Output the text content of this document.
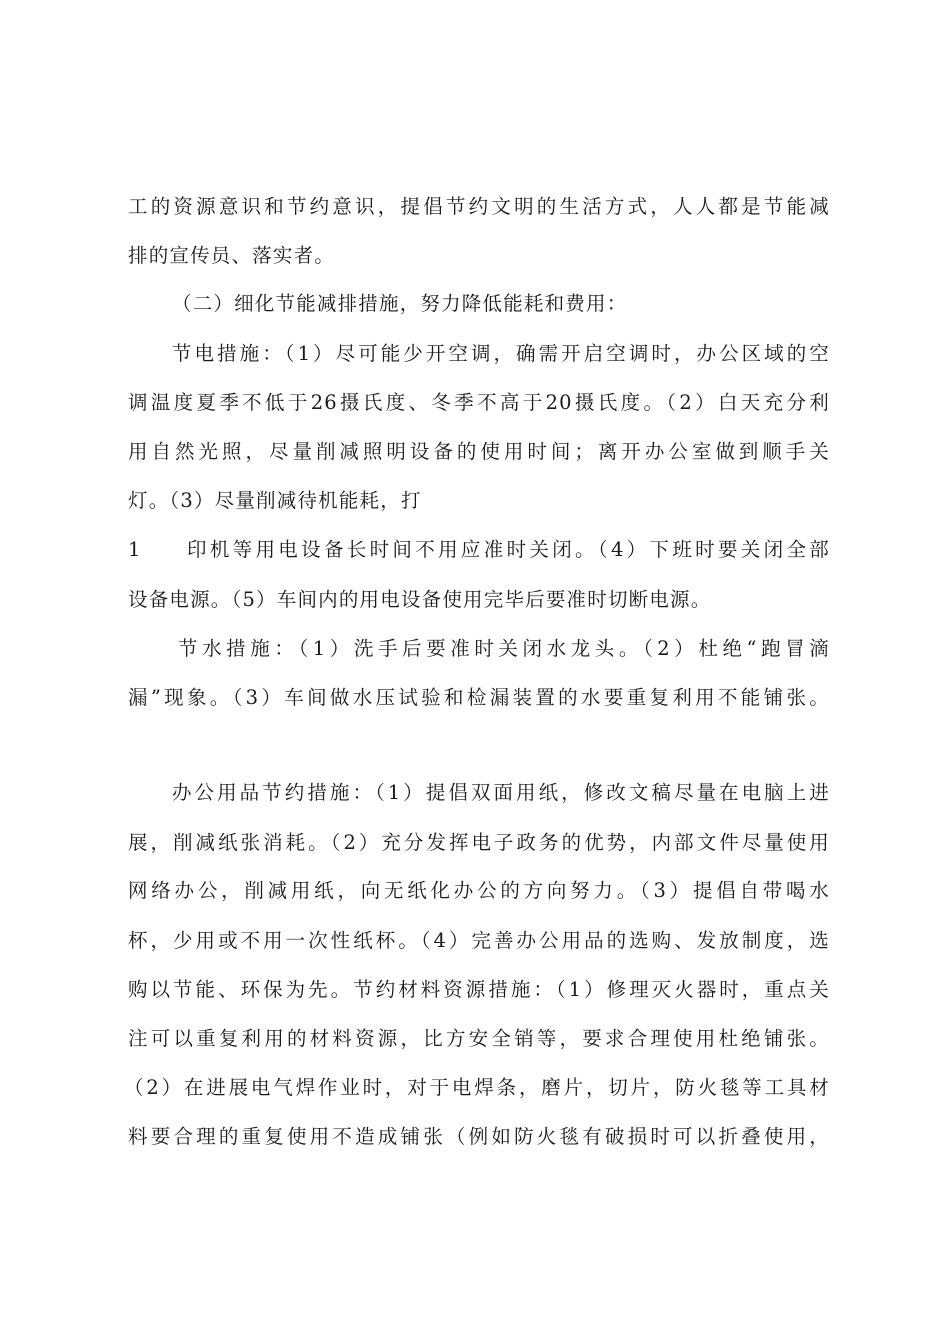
工的资源意识和节约意识，提倡节约文明的生活方式，人人都是节能减
排的宣传员、落实者。
（二）细化节能减排措施，努力降低能耗和费用：
节电措施：（1）尽可能少开空调，确需开启空调时，办公区域的空
调温度夏季不低于26摄氏度、冬季不高于20摄氏度。（2）白天充分利
用自然光照，尽量削减照明设备的使用时间；离开办公室做到顺手关
灯。（3）尽量削减待机能耗，打
1 印机等用电设备长时间不用应准时关闭。（4）下班时要关闭全部
设备电源。（5）车间内的用电设备使用完毕后要准时切断电源。
节水措施：（1）洗手后要准时关闭水龙头。（2）杜绝“跑冒滴
漏”现象。（3）车间做水压试验和检漏装置的水要重复利用不能铺张。
办公用品节约措施：（1）提倡双面用纸，修改文稿尽量在电脑上进
展，削减纸张消耗。（2）充分发挥电子政务的优势，内部文件尽量使用
网络办公，削减用纸，向无纸化办公的方向努力。（3）提倡自带喝水
杯，少用或不用一次性纸杯。（4）完善办公用品的选购、发放制度，选
购以节能、环保为先。节约材料资源措施：（1）修理灭火器时，重点关
注可以重复利用的材料资源，比方安全销等，要求合理使用杜绝铺张。
（2）在进展电气焊作业时，对于电焊条，磨片，切片，防火毯等工具材
料要合理的重复使用不造成铺张（例如防火毯有破损时可以折叠使用，
